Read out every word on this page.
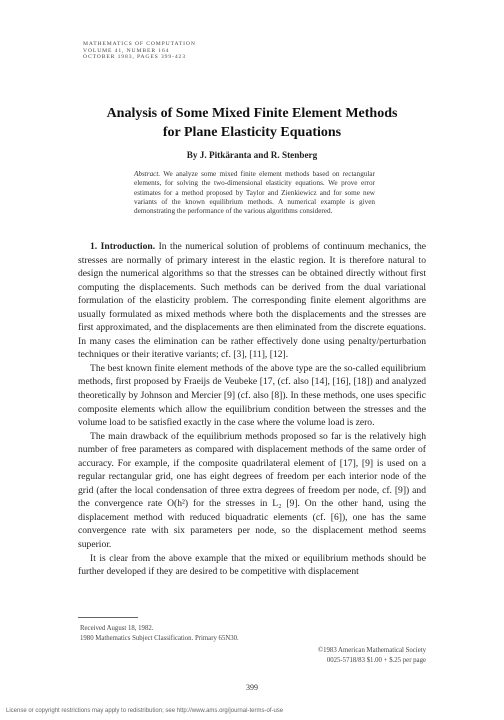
MATHEMATICS OF COMPUTATION
VOLUME 41, NUMBER 164
OCTOBER 1983, PAGES 399-423
Analysis of Some Mixed Finite Element Methods
for Plane Elasticity Equations
By J. Pitkäranta and R. Stenberg
Abstract. We analyze some mixed finite element methods based on rectangular elements, for solving the two-dimensional elasticity equations. We prove error estimates for a method proposed by Taylor and Zienkiewicz and for some new variants of the known equilibrium methods. A numerical example is given demonstrating the performance of the various algorithms considered.

1. Introduction. In the numerical solution of problems of continuum mechanics, the stresses are normally of primary interest in the elastic region. It is therefore natural to design the numerical algorithms so that the stresses can be obtained directly without first computing the displacements. Such methods can be derived from the dual variational formulation of the elasticity problem. The corresponding finite element algorithms are usually formulated as mixed methods where both the displacements and the stresses are first approximated, and the displacements are then eliminated from the discrete equations. In many cases the elimination can be rather effectively done using penalty/perturbation techniques or their iterative variants; cf. [3], [11], [12].

The best known finite element methods of the above type are the so-called equilibrium methods, first proposed by Fraeijs de Veubeke [17, (cf. also [14], [16], [18]) and analyzed theoretically by Johnson and Mercier [9] (cf. also [8]). In these methods, one uses specific composite elements which allow the equilibrium condition between the stresses and the volume load to be satisfied exactly in the case where the volume load is zero.

The main drawback of the equilibrium methods proposed so far is the relatively high number of free parameters as compared with displacement methods of the same order of accuracy. For example, if the composite quadrilateral element of [17], [9] is used on a regular rectangular grid, one has eight degrees of freedom per each interior node of the grid (after the local condensation of three extra degrees of freedom per node, cf. [9]) and the convergence rate O(h²) for the stresses in L₂ [9]. On the other hand, using the displacement method with reduced biquadratic elements (cf. [6]), one has the same convergence rate with six parameters per node, so the displacement method seems superior.

It is clear from the above example that the mixed or equilibrium methods should be further developed if they are desired to be competitive with displacement

Received August 18, 1982.
1980 Mathematics Subject Classification. Primary 65N30.
©1983 American Mathematical Society
0025-5718/83 $1.00 + $.25 per page
399
License or copyright restrictions may apply to redistribution; see http://www.ams.org/journal-terms-of-use
